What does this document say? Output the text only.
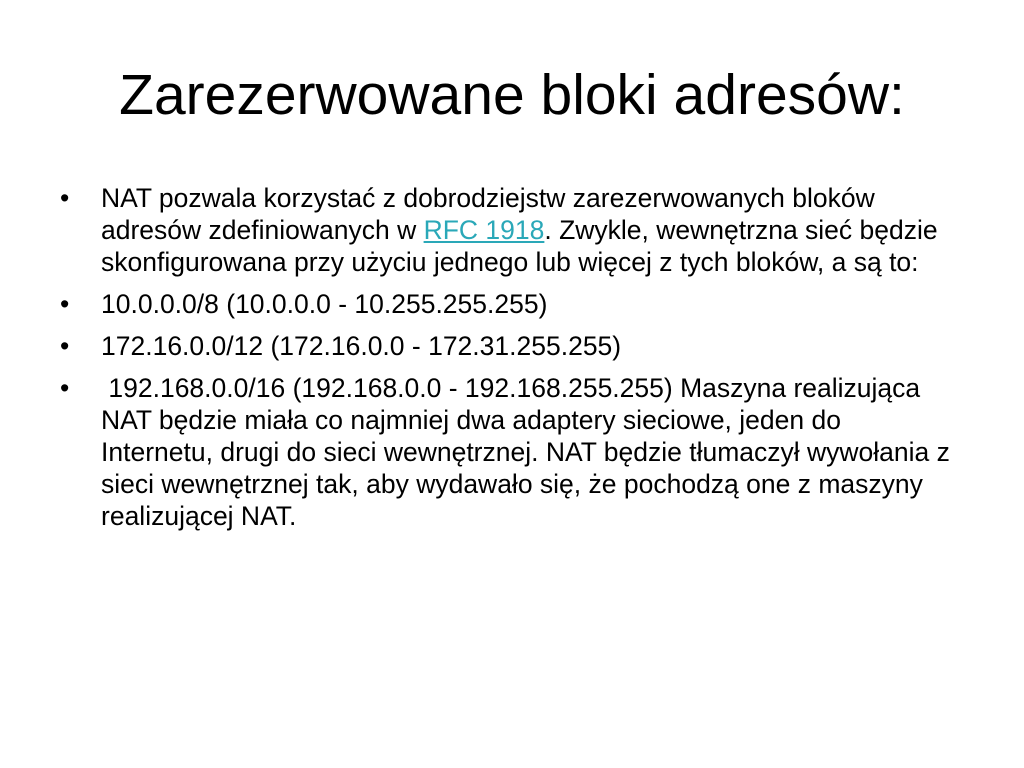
Zarezerwowane bloki adresów:
• NAT pozwala korzystać z dobrodziejstw zarezerwowanych bloków adresów zdefiniowanych w RFC 1918. Zwykle, wewnętrzna sieć będzie skonfigurowana przy użyciu jednego lub więcej z tych bloków, a są to:
• 10.0.0.0/8 (10.0.0.0 - 10.255.255.255)
• 172.16.0.0/12 (172.16.0.0 - 172.31.255.255)
• 192.168.0.0/16 (192.168.0.0 - 192.168.255.255) Maszyna realizująca NAT będzie miała co najmniej dwa adaptery sieciowe, jeden do Internetu, drugi do sieci wewnętrznej. NAT będzie tłumaczył wywołania z sieci wewnętrznej tak, aby wydawało się, że pochodzą one z maszyny realizującej NAT.
